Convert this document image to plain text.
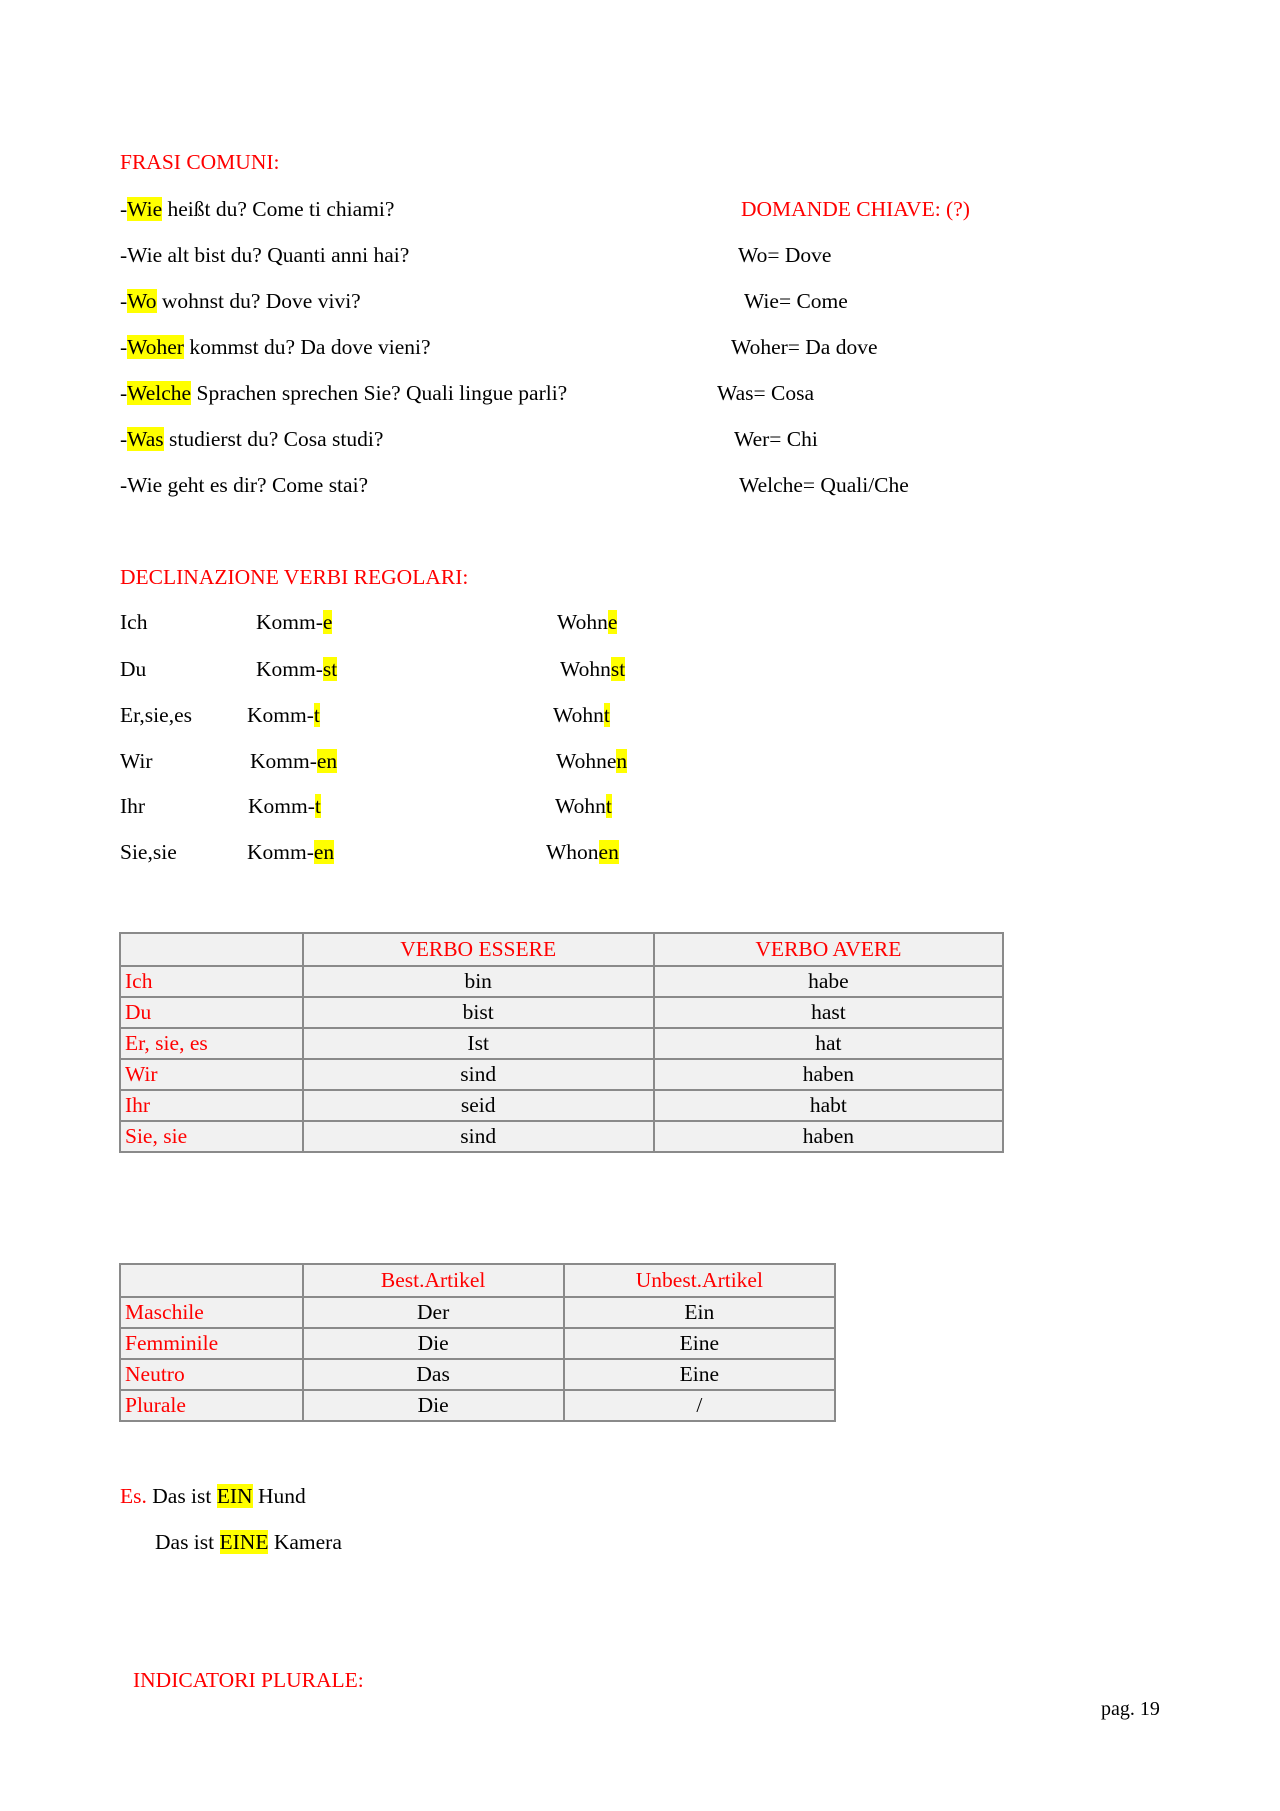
FRASI COMUNI:
-Wie heißt du? Come ti chiami?
-Wie alt bist du? Quanti anni hai?
-Wo wohnst du? Dove vivi?
-Woher kommst du? Da dove vieni?
-Welche Sprachen sprechen Sie? Quali lingue parli?
-Was studierst du? Cosa studi?
-Wie geht es dir? Come stai?
DOMANDE CHIAVE: (?)
Wo= Dove
Wie= Come
Woher= Da dove
Was= Cosa
Wer= Chi
Welche= Quali/Che
DECLINAZIONE VERBI REGOLARI:
Ich	Komm-e	Wohne
Du	Komm-st	Wohnst
Er,sie,es	Komm-t	Wohnt
Wir	Komm-en	Wohnen
Ihr	Komm-t	Wohnt
Sie,sie	Komm-en	Whonen
	VERBO ESSERE	VERBO AVERE
Ich	bin	habe
Du	bist	hast
Er, sie, es	Ist	hat
Wir	sind	haben
Ihr	seid	habt
Sie, sie	sind	haben
	Best.Artikel	Unbest.Artikel
Maschile	Der	Ein
Femminile	Die	Eine
Neutro	Das	Eine
Plurale	Die	/
Es. Das ist EIN Hund
Das ist EINE Kamera
INDICATORI PLURALE:
pag. 19
